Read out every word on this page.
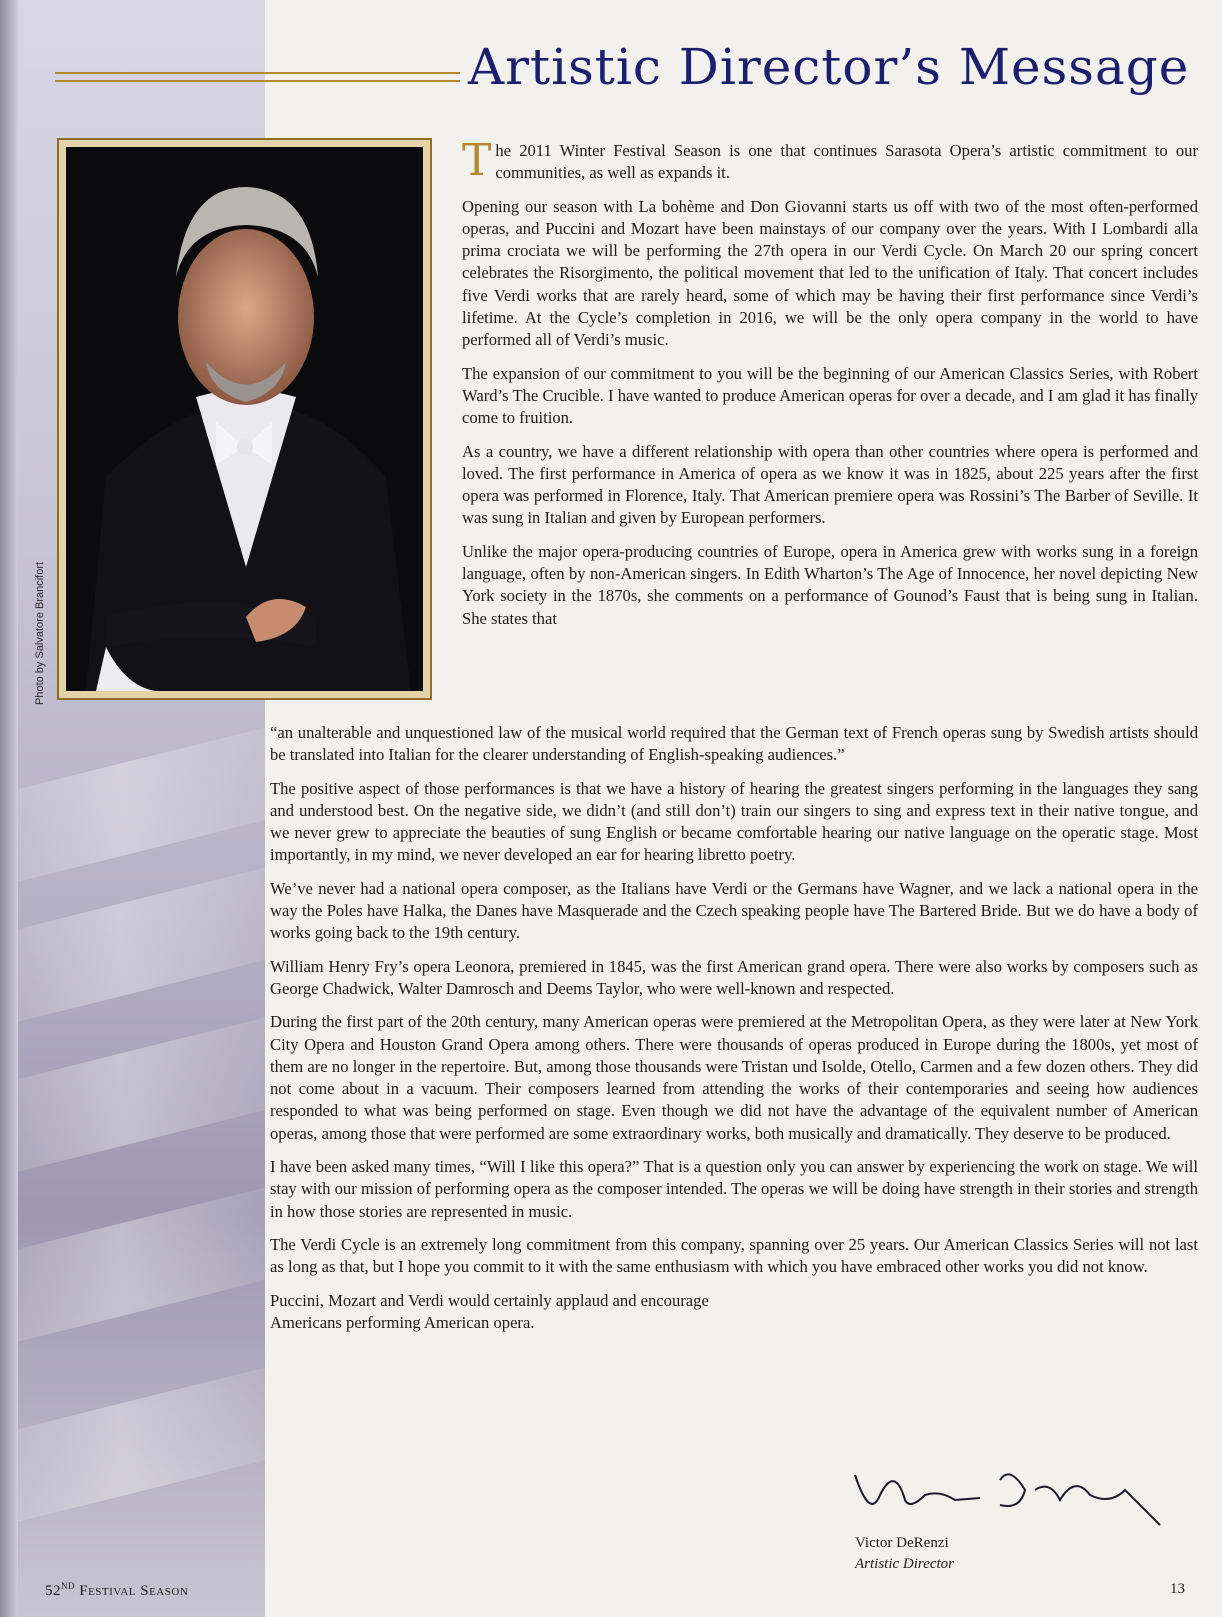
Artistic Director’s Message
Photo by Salvatore Brancifort

The 2011 Winter Festival Season is one that continues Sarasota Opera’s artistic commitment to our communities, as well as expands it.

Opening our season with La bohème and Don Giovanni starts us off with two of the most often-performed operas, and Puccini and Mozart have been mainstays of our company over the years. With I Lombardi alla prima crociata we will be performing the 27th opera in our Verdi Cycle. On March 20 our spring concert celebrates the Risorgimento, the political movement that led to the unification of Italy. That concert includes five Verdi works that are rarely heard, some of which may be having their first performance since Verdi’s lifetime. At the Cycle’s completion in 2016, we will be the only opera company in the world to have performed all of Verdi’s music.

The expansion of our commitment to you will be the beginning of our American Classics Series, with Robert Ward’s The Crucible. I have wanted to produce American operas for over a decade, and I am glad it has finally come to fruition.

As a country, we have a different relationship with opera than other countries where opera is performed and loved. The first performance in America of opera as we know it was in 1825, about 225 years after the first opera was performed in Florence, Italy. That American premiere opera was Rossini’s The Barber of Seville. It was sung in Italian and given by European performers.

Unlike the major opera-producing countries of Europe, opera in America grew with works sung in a foreign language, often by non-American singers. In Edith Wharton’s The Age of Innocence, her novel depicting New York society in the 1870s, she comments on a performance of Gounod’s Faust that is being sung in Italian. She states that

“an unalterable and unquestioned law of the musical world required that the German text of French operas sung by Swedish artists should be translated into Italian for the clearer understanding of English-speaking audiences.”

The positive aspect of those performances is that we have a history of hearing the greatest singers performing in the languages they sang and understood best. On the negative side, we didn’t (and still don’t) train our singers to sing and express text in their native tongue, and we never grew to appreciate the beauties of sung English or became comfortable hearing our native language on the operatic stage. Most importantly, in my mind, we never developed an ear for hearing libretto poetry.

We’ve never had a national opera composer, as the Italians have Verdi or the Germans have Wagner, and we lack a national opera in the way the Poles have Halka, the Danes have Masquerade and the Czech speaking people have The Bartered Bride. But we do have a body of works going back to the 19th century.

William Henry Fry’s opera Leonora, premiered in 1845, was the first American grand opera. There were also works by composers such as George Chadwick, Walter Damrosch and Deems Taylor, who were well-known and respected.

During the first part of the 20th century, many American operas were premiered at the Metropolitan Opera, as they were later at New York City Opera and Houston Grand Opera among others. There were thousands of operas produced in Europe during the 1800s, yet most of them are no longer in the repertoire. But, among those thousands were Tristan und Isolde, Otello, Carmen and a few dozen others. They did not come about in a vacuum. Their composers learned from attending the works of their contemporaries and seeing how audiences responded to what was being performed on stage. Even though we did not have the advantage of the equivalent number of American operas, among those that were performed are some extraordinary works, both musically and dramatically. They deserve to be produced.

I have been asked many times, “Will I like this opera?” That is a question only you can answer by experiencing the work on stage. We will stay with our mission of performing opera as the composer intended. The operas we will be doing have strength in their stories and strength in how those stories are represented in music.

The Verdi Cycle is an extremely long commitment from this company, spanning over 25 years. Our American Classics Series will not last as long as that, but I hope you commit to it with the same enthusiasm with which you have embraced other works you did not know.

Puccini, Mozart and Verdi would certainly applaud and encourage Americans performing American opera.

Victor DeRenzi
Artistic Director
52ND Festival Season	13
